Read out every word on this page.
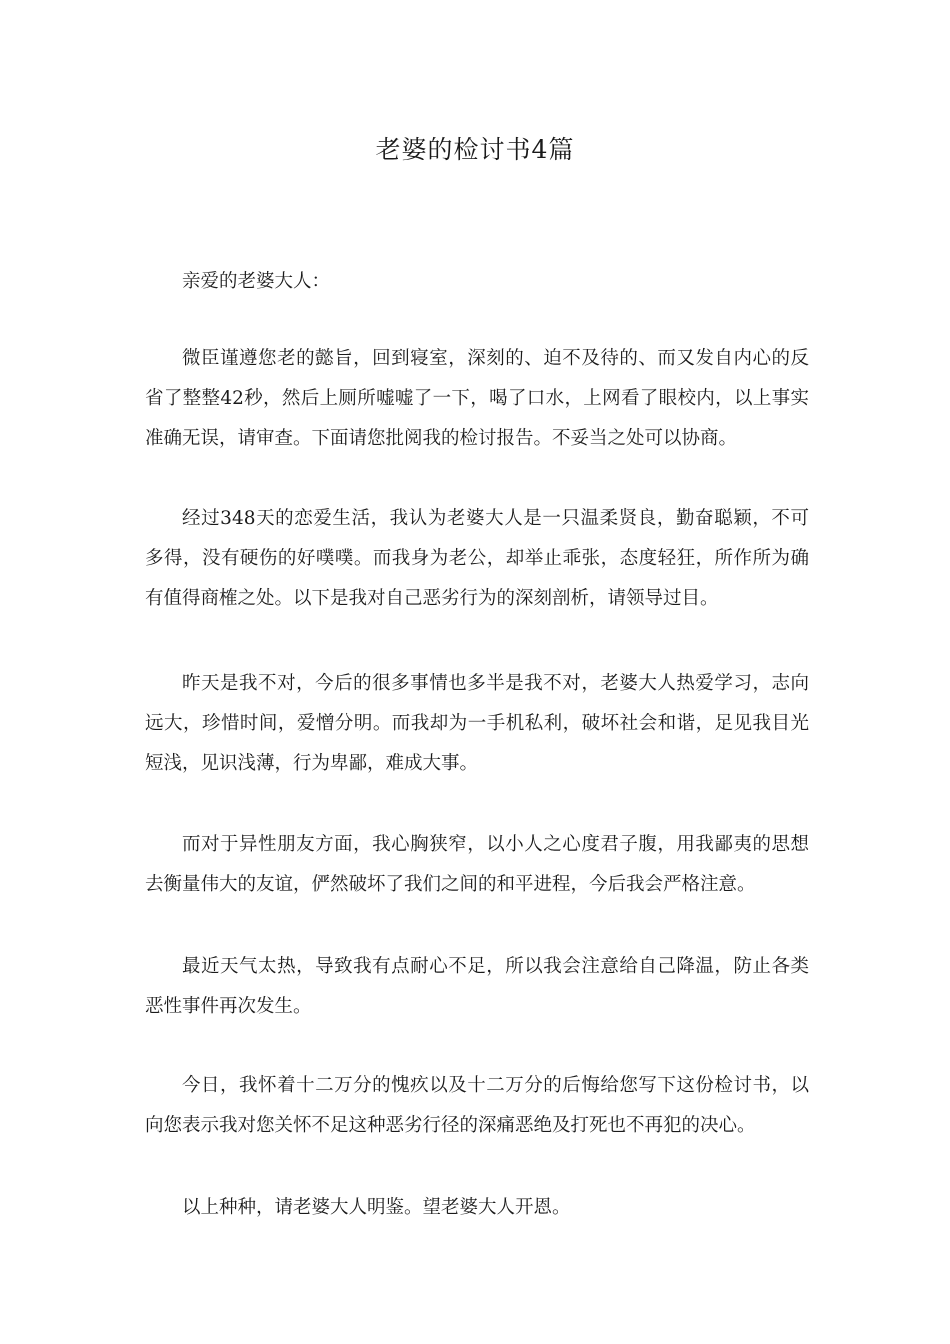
老婆的检讨书4篇

亲爱的老婆大人：

微臣谨遵您老的懿旨，回到寝室，深刻的、迫不及待的、而又发自内心的反省了整整42秒，然后上厕所嘘嘘了一下，喝了口水，上网看了眼校内，以上事实准确无误，请审查。下面请您批阅我的检讨报告。不妥当之处可以协商。

经过348天的恋爱生活，我认为老婆大人是一只温柔贤良，勤奋聪颖，不可多得，没有硬伤的好噗噗。而我身为老公，却举止乖张，态度轻狂，所作所为确有值得商榷之处。以下是我对自己恶劣行为的深刻剖析，请领导过目。

昨天是我不对，今后的很多事情也多半是我不对，老婆大人热爱学习，志向远大，珍惜时间，爱憎分明。而我却为一手机私利，破坏社会和谐，足见我目光短浅，见识浅薄，行为卑鄙，难成大事。

而对于异性朋友方面，我心胸狭窄，以小人之心度君子腹，用我鄙夷的思想去衡量伟大的友谊，俨然破坏了我们之间的和平进程，今后我会严格注意。

最近天气太热，导致我有点耐心不足，所以我会注意给自己降温，防止各类恶性事件再次发生。

今日，我怀着十二万分的愧疚以及十二万分的后悔给您写下这份检讨书，以向您表示我对您关怀不足这种恶劣行径的深痛恶绝及打死也不再犯的决心。

以上种种，请老婆大人明鉴。望老婆大人开恩。
